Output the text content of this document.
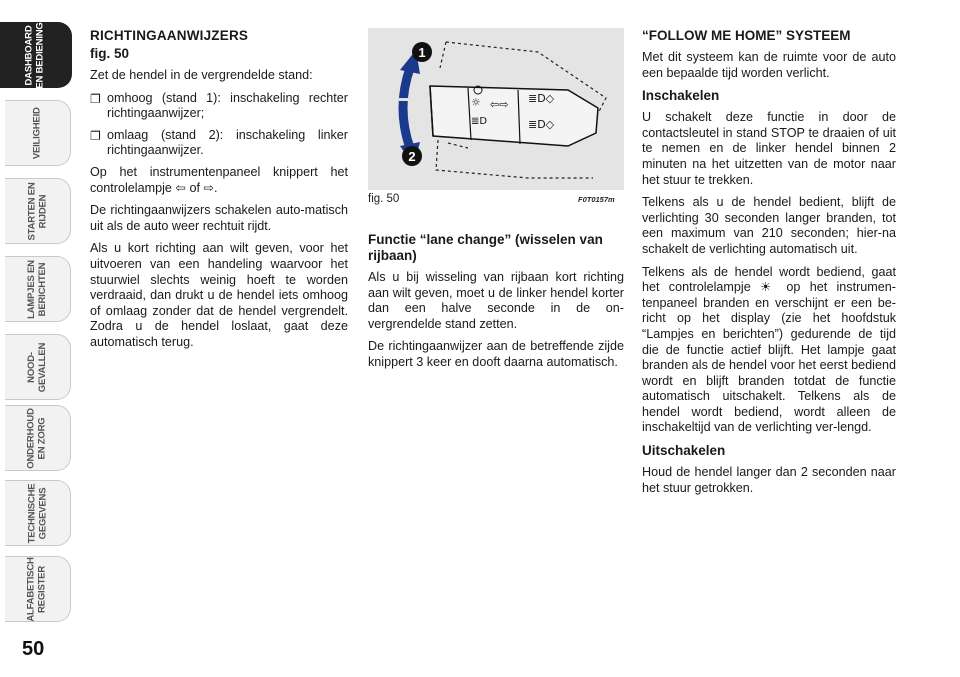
DASHBOARD
EN BEDIENING
VEILIGHEID
STARTEN EN
RIJDEN
LAMPJES EN
BERICHTEN
NOOD-
GEVALLEN
ONDERHOUD
EN ZORG
TECHNISCHE
GEGEVENS
ALFABETISCH
REGISTER
50
RICHTINGAANWIJZERS
fig. 50

Zet de hendel in de vergrendelde stand:

❐ omhoog (stand 1): inschakeling rechter richtingaanwijzer;
❐ omlaag (stand 2): inschakeling linker richtingaanwijzer.

Op het instrumentenpaneel knippert het controlelampje ⇦ of ⇨.

De richtingaanwijzers schakelen auto-matisch uit als de auto weer rechtuit rijdt.

Als u kort richting aan wilt geven, voor het uitvoeren van een handeling waarvoor het stuurwiel slechts weinig hoeft te worden verdraaid, dan drukt u de hendel iets omhoog of omlaag zonder dat de hendel vergrendelt. Zodra u de hendel loslaat, gaat deze automatisch terug.

☼
≣D
⇦⇨ ≣D◇
≣D◇
1
2
fig. 50	F0T0157m
Functie “lane change” (wisselen van rijbaan)

Als u bij wisseling van rijbaan kort richting aan wilt geven, moet u de linker hendel korter dan een halve seconde in de on-vergrendelde stand zetten.

De richtingaanwijzer aan de betreffende zijde knippert 3 keer en dooft daarna automatisch.

“FOLLOW ME HOME” SYSTEEM

Met dit systeem kan de ruimte voor de auto een bepaalde tijd worden verlicht.

Inschakelen

U schakelt deze functie in door de contactsleutel in stand STOP te draaien of uit te nemen en de linker hendel binnen 2 minuten na het uitzetten van de motor naar het stuur te trekken.

Telkens als u de hendel bedient, blijft de verlichting 30 seconden langer branden, tot een maximum van 210 seconden; hier-na schakelt de verlichting automatisch uit.

Telkens als de hendel wordt bediend, gaat het controlelampje ☀ op het instrumen-tenpaneel branden en verschijnt er een be-richt op het display (zie het hoofdstuk “Lampjes en berichten”) gedurende de tijd die de functie actief blijft. Het lampje gaat branden als de hendel voor het eerst bediend wordt en blijft branden totdat de functie automatisch uitschakelt. Telkens als de hendel wordt bediend, wordt alleen de inschakeltijd van de verlichting ver-lengd.

Uitschakelen

Houd de hendel langer dan 2 seconden naar het stuur getrokken.
